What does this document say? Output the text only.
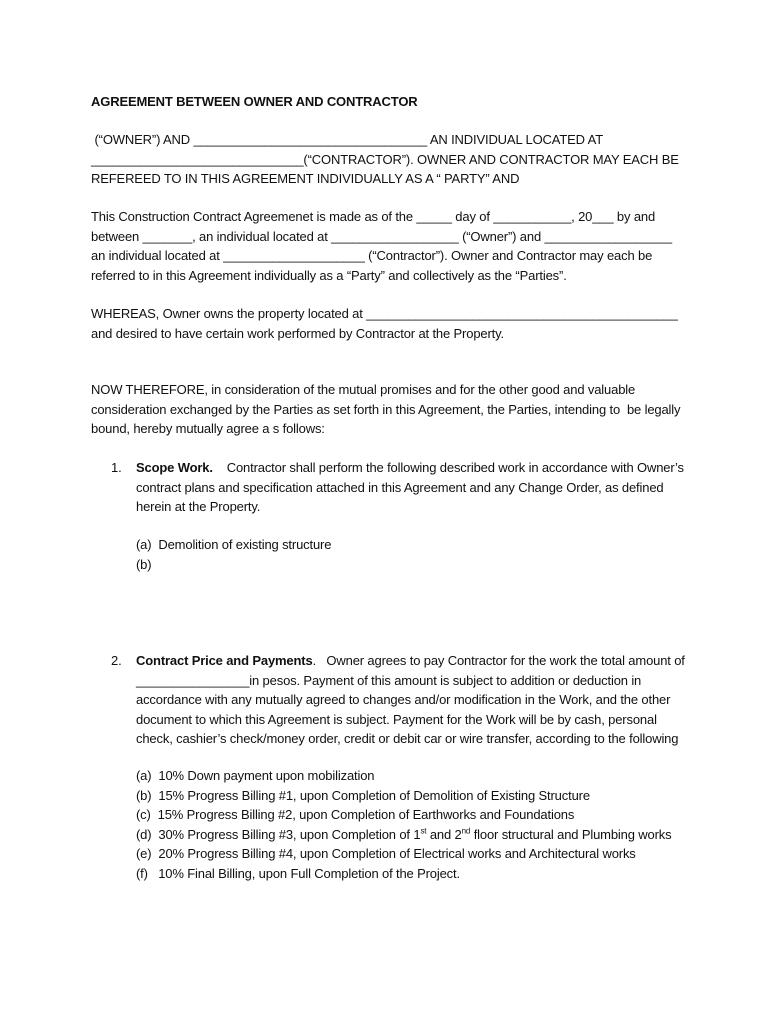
AGREEMENT BETWEEN OWNER AND CONTRACTOR
(“OWNER”) AND _________________________________ AN INDIVIDUAL LOCATED AT
______________________________(“CONTRACTOR”). OWNER AND CONTRACTOR MAY EACH BE
REFEREED TO IN THIS AGREEMENT INDIVIDUALLY AS A “ PARTY” AND
This Construction Contract Agreemenet is made as of the _____ day of ___________, 20___ by and
between _______, an individual located at __________________ (“Owner”) and __________________
an individual located at ____________________ (“Contractor”). Owner and Contractor may each be
referred to in this Agreement individually as a “Party” and collectively as the “Parties”.
WHEREAS, Owner owns the property located at ____________________________________________
and desired to have certain work performed by Contractor at the Property.
NOW THEREFORE, in consideration of the mutual promises and for the other good and valuable
consideration exchanged by the Parties as set forth in this Agreement, the Parties, intending to  be legally
bound, hereby mutually agree a s follows:
1.	Scope Work.    Contractor shall perform the following described work in accordance with Owner’s
contract plans and specification attached in this Agreement and any Change Order, as defined
herein at the Property.
(a)  Demolition of existing structure
(b)
2.	Contract Price and Payments.   Owner agrees to pay Contractor for the work the total amount of
________________in pesos. Payment of this amount is subject to addition or deduction in
accordance with any mutually agreed to changes and/or modification in the Work, and the other
document to which this Agreement is subject. Payment for the Work will be by cash, personal
check, cashier’s check/money order, credit or debit car or wire transfer, according to the following
(a)  10% Down payment upon mobilization
(b)  15% Progress Billing #1, upon Completion of Demolition of Existing Structure
(c)  15% Progress Billing #2, upon Completion of Earthworks and Foundations
(d)  30% Progress Billing #3, upon Completion of 1st and 2nd floor structural and Plumbing works
(e)  20% Progress Billing #4, upon Completion of Electrical works and Architectural works
(f)   10% Final Billing, upon Full Completion of the Project.
